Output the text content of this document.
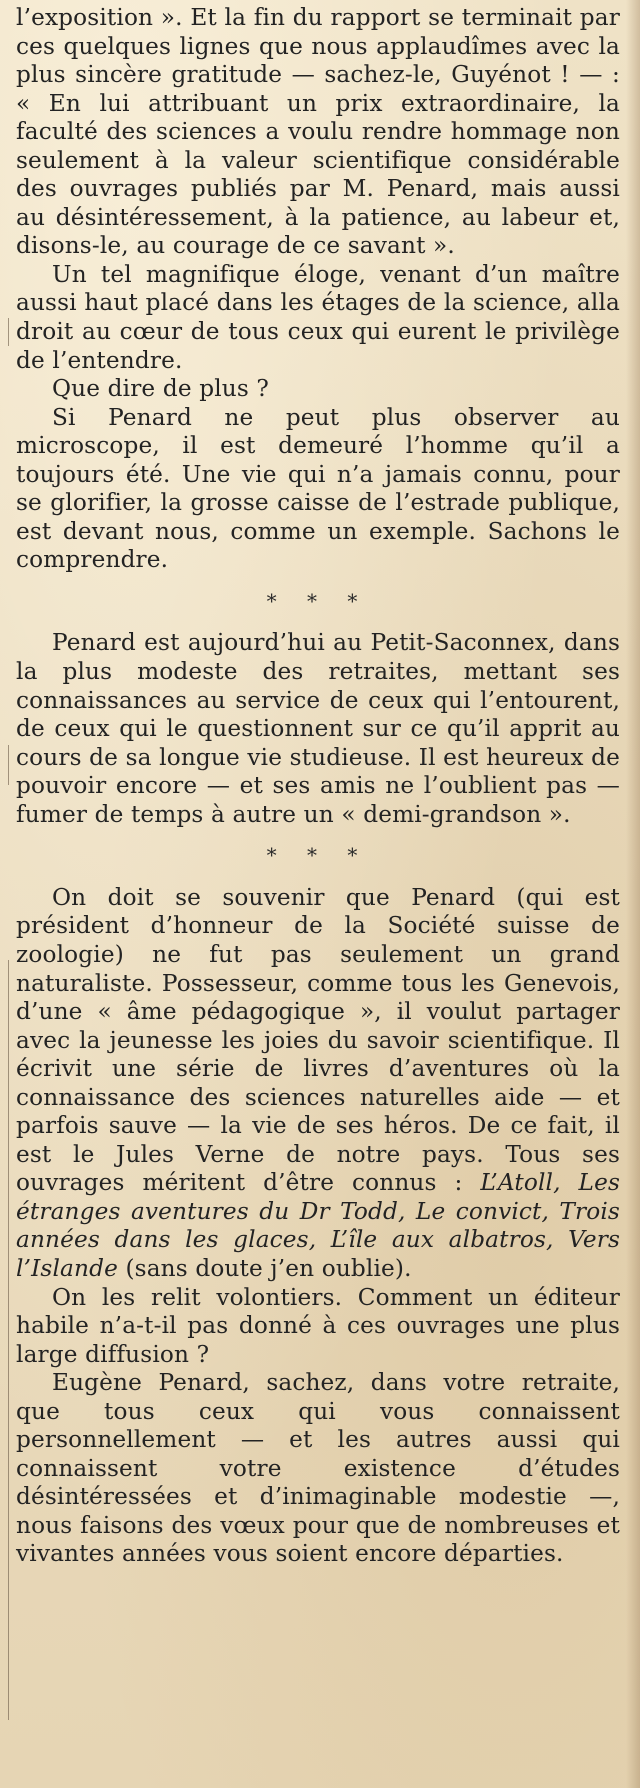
l’exposition ». Et la fin du rapport se terminait par ces quelques lignes que nous applaudîmes avec la plus sincère gratitude — sachez-le, Guyénot ! — : « En lui attribuant un prix extraordinaire, la faculté des sciences a voulu rendre hommage non seulement à la valeur scientifique considérable des ouvrages publiés par M. Penard, mais aussi au désintéressement, à la patience, au labeur et, disons-le, au courage de ce savant ».

Un tel magnifique éloge, venant d’un maître aussi haut placé dans les étages de la science, alla droit au cœur de tous ceux qui eurent le privilège de l’entendre.

Que dire de plus ?

Si Penard ne peut plus observer au microscope, il est demeuré l’homme qu’il a toujours été. Une vie qui n’a jamais connu, pour se glorifier, la grosse caisse de l’estrade publique, est devant nous, comme un exemple. Sachons le comprendre.

* * *

Penard est aujourd’hui au Petit-Saconnex, dans la plus modeste des retraites, mettant ses connaissances au service de ceux qui l’entourent, de ceux qui le questionnent sur ce qu’il apprit au cours de sa longue vie studieuse. Il est heureux de pouvoir encore — et ses amis ne l’oublient pas — fumer de temps à autre un « demi-grandson ».

* * *

On doit se souvenir que Penard (qui est président d’honneur de la Société suisse de zoologie) ne fut pas seulement un grand naturaliste. Possesseur, comme tous les Genevois, d’une « âme pédagogique », il voulut partager avec la jeunesse les joies du savoir scientifique. Il écrivit une série de livres d’aventures où la connaissance des sciences naturelles aide — et parfois sauve — la vie de ses héros. De ce fait, il est le Jules Verne de notre pays. Tous ses ouvrages méritent d’être connus : L’Atoll, Les étranges aventures du Dr Todd, Le convict, Trois années dans les glaces, L’île aux albatros, Vers l’Islande (sans doute j’en oublie).

On les relit volontiers. Comment un éditeur habile n’a-t-il pas donné à ces ouvrages une plus large diffusion ?

Eugène Penard, sachez, dans votre retraite, que tous ceux qui vous connaissent personnellement — et les autres aussi qui connaissent votre existence d’études désintéressées et d’inimaginable modestie —, nous faisons des vœux pour que de nombreuses et vivantes années vous soient encore départies.
